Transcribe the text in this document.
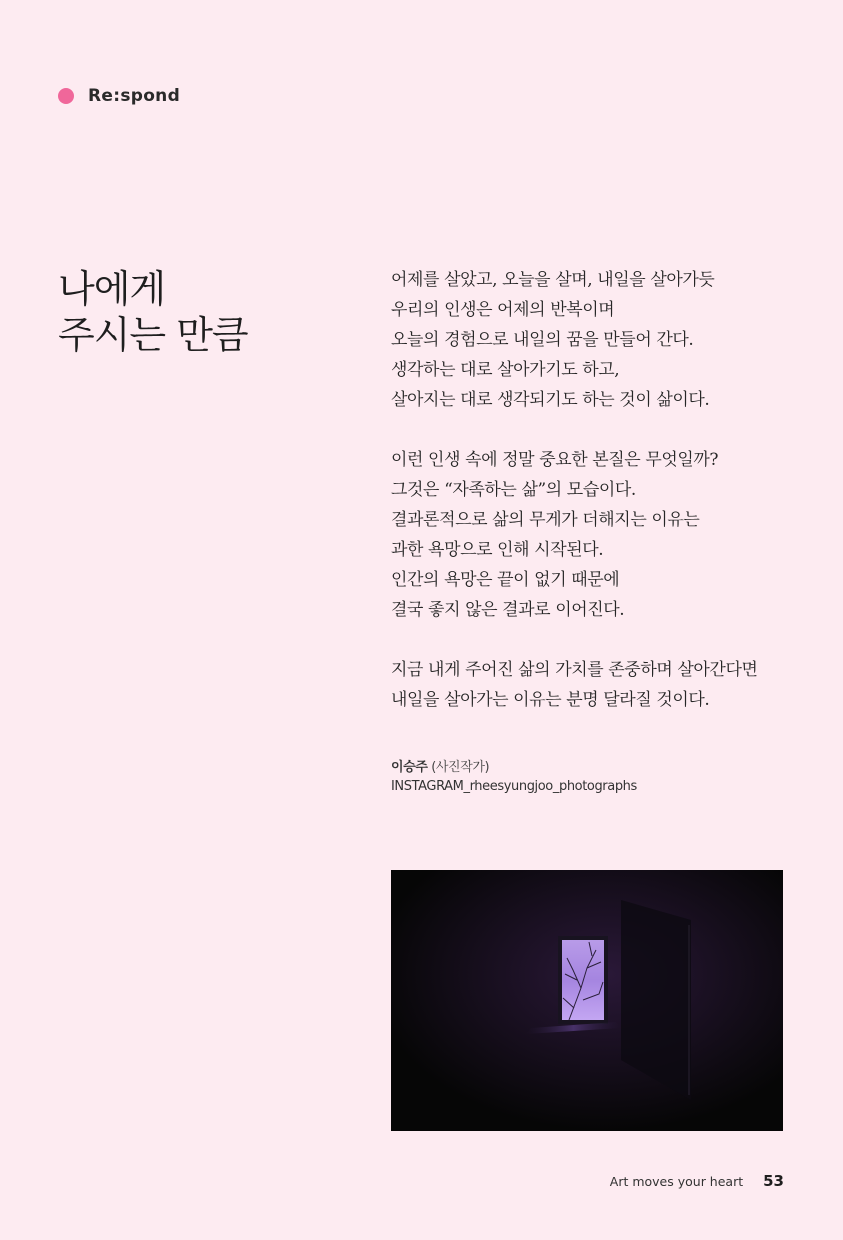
Re:spond
나에게
주시는 만큼
어제를 살았고, 오늘을 살며, 내일을 살아가듯
우리의 인생은 어제의 반복이며
오늘의 경험으로 내일의 꿈을 만들어 간다.
생각하는 대로 살아가기도 하고,
살아지는 대로 생각되기도 하는 것이 삶이다.
이런 인생 속에 정말 중요한 본질은 무엇일까?
그것은 “자족하는 삶”의 모습이다.
결과론적으로 삶의 무게가 더해지는 이유는
과한 욕망으로 인해 시작된다.
인간의 욕망은 끝이 없기 때문에
결국 좋지 않은 결과로 이어진다.
지금 내게 주어진 삶의 가치를 존중하며 살아간다면
내일을 살아가는 이유는 분명 달라질 것이다.
이승주 (사진작가)
INSTAGRAM_rheesyungjoo_photographs
Art moves your heart 53
